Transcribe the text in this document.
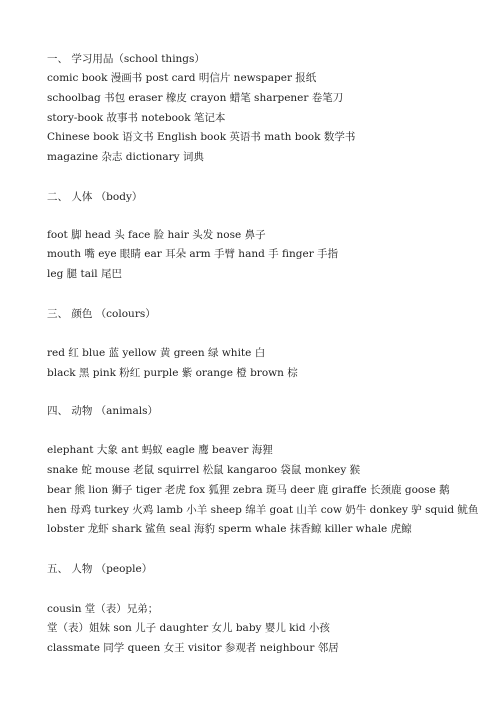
一、 学习用品（school things）
comic book 漫画书 post card 明信片 newspaper 报纸
schoolbag 书包 eraser 橡皮 crayon 蜡笔 sharpener 卷笔刀
story-book 故事书 notebook 笔记本
Chinese book 语文书 English book 英语书 math book 数学书
magazine 杂志 dictionary 词典
二、 人体 （body）
foot 脚 head 头 face 脸 hair 头发 nose 鼻子
mouth 嘴 eye 眼睛 ear 耳朵 arm 手臂 hand 手 finger 手指
leg 腿 tail 尾巴
三、 颜色 （colours）
red 红 blue 蓝 yellow 黄 green 绿 white 白
black 黑 pink 粉红 purple 紫 orange 橙 brown 棕
四、 动物 （animals）
elephant 大象 ant 蚂蚁 eagle 鹰 beaver 海狸
snake 蛇 mouse 老鼠 squirrel 松鼠 kangaroo 袋鼠 monkey 猴
bear 熊 lion 狮子 tiger 老虎 fox 狐狸 zebra 斑马 deer 鹿 giraffe 长颈鹿 goose 鹅
hen 母鸡 turkey 火鸡 lamb 小羊 sheep 绵羊 goat 山羊 cow 奶牛 donkey 驴 squid 鱿鱼
lobster 龙虾 shark 鲨鱼 seal 海豹 sperm whale 抹香鲸 killer whale 虎鲸
五、 人物 （people）
cousin 堂（表）兄弟；
堂（表）姐妹 son 儿子 daughter 女儿 baby 婴儿 kid 小孩
classmate 同学 queen 女王 visitor 参观者 neighbour 邻居
